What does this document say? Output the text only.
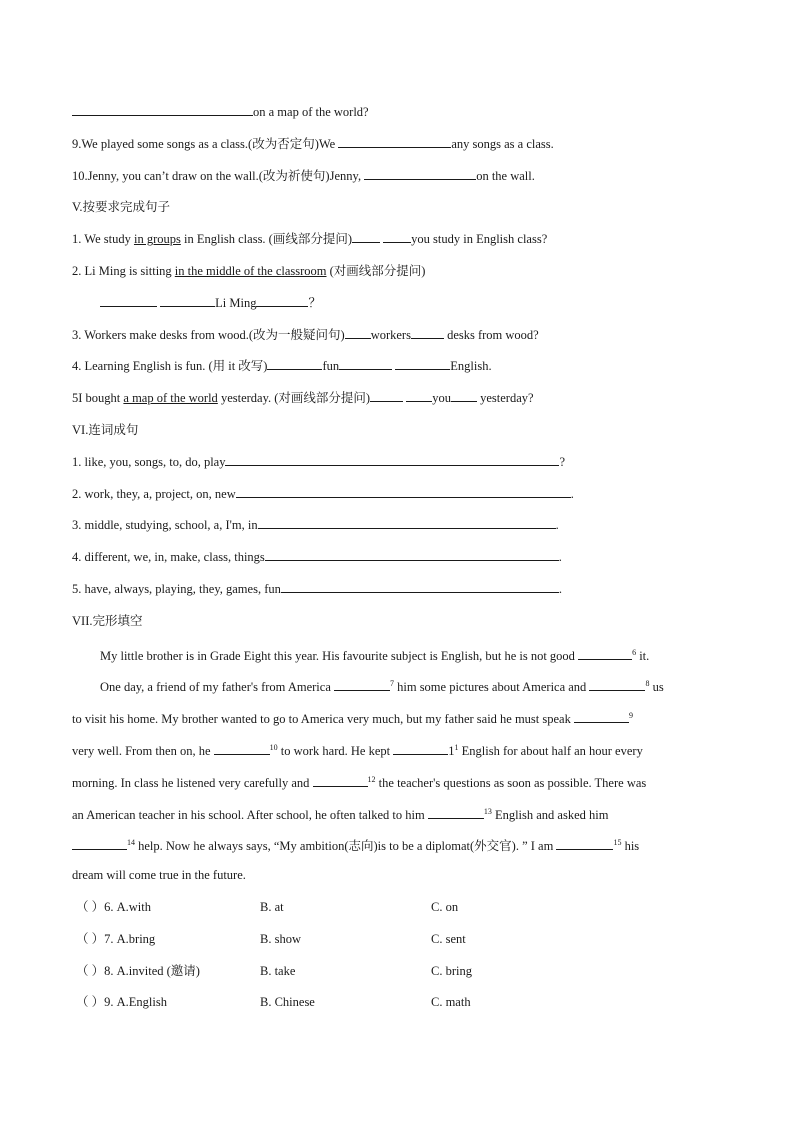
on a map of the world?
9.We played some songs as a class.(改为否定句)We	any songs as a class.
10.Jenny, you can’t draw on the wall.(改为祈使句)Jenny,	on the wall.
V.按要求完成句子
1. We study in groups in English class. (画线部分提问)	you study in English class?
2. Li Ming is sitting in the middle of the classroom (对画线部分提问)
Li Ming	？
3. Workers make desks from wood.(改为一般疑问句) workers	desks from wood?
4. Learning English is fun. (用 it 改写)	fun	English.
5I bought a map of the world yesterday. (对画线部分提问)	you yesterday?
VI.连词成句
1. like, you, songs, to, do, play	?
2. work, they, a, project, on, new	.
3. middle, studying, school, a, I'm, in	.
4. different, we, in, make, class, things	.
5. have, always, playing, they, games, fun	.
VII.完形填空
My little brother is in Grade Eight this year. His favourite subject is English, but he is not good	$^6$ it.
One day, a friend of my father's from America	$^7$ him some pictures about America and	$^8$ us
to visit his home. My brother wanted to go to America very much, but my father said he must speak	$^9$
very well. From then on, he	$^{10}$ to work hard. He kept	$1^1$ English for about half an hour every
morning. In class he listened very carefully and	$^{12}$ the teacher's questions as soon as possible. There was
an American teacher in his school. After school, he often talked to him	$^{13}$ English and asked him
$^{14}$ help. Now he always says, “My ambition(志向)is to be a diplomat(外交官). ” I am	$^{15}$ his
dream will come true in the future.
（ ）6. A.with	B. at	C. on
（ ）7. A.bring	B. show	C. sent
（ ）8. A.invited (邀请)	B. take	C. bring
（ ）9. A.English	B. Chinese	C. math
